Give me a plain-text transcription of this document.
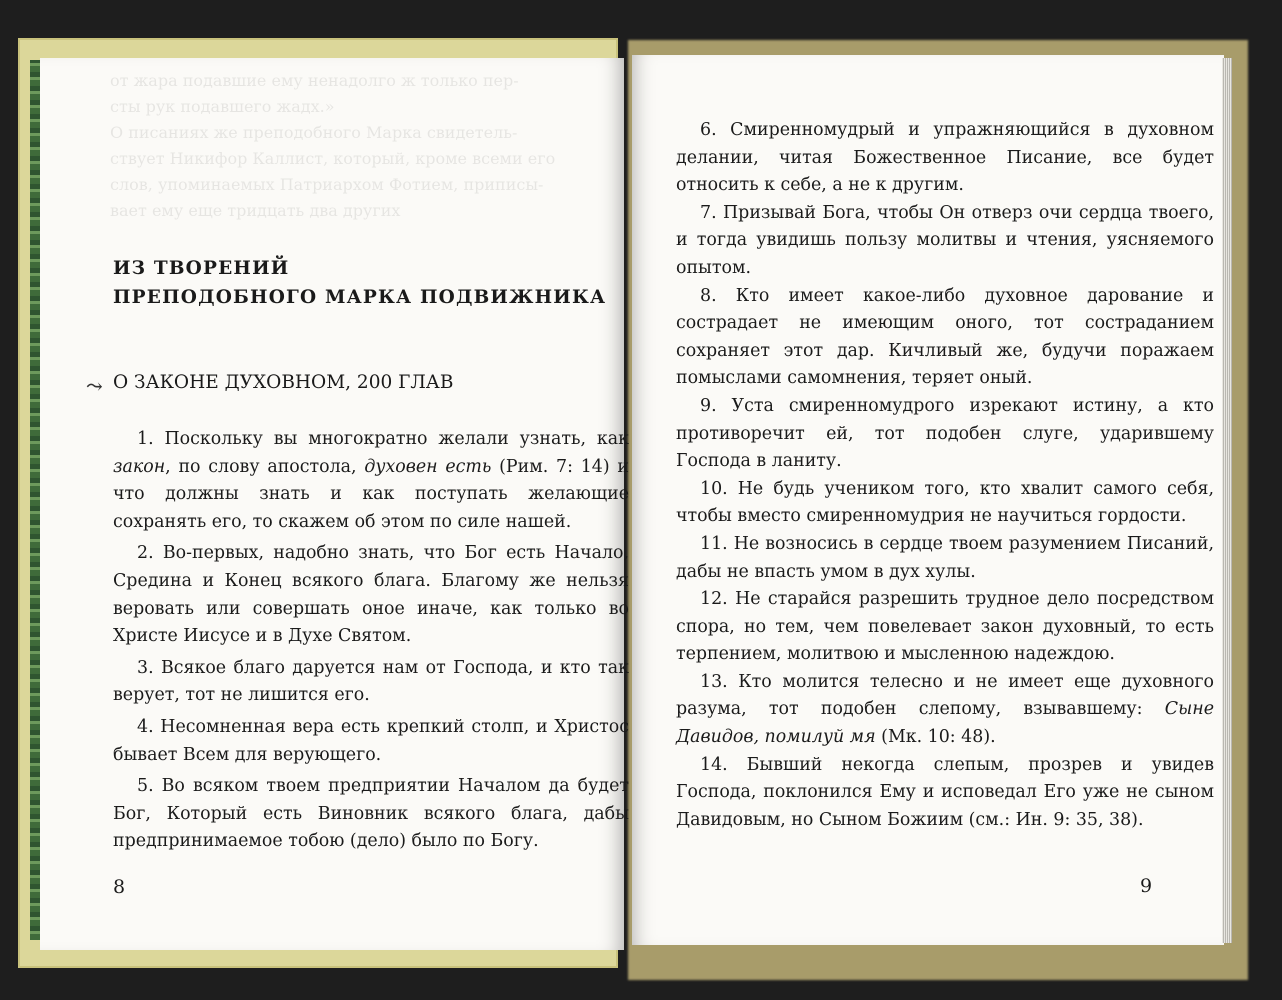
от жара подавшие ему ненадолго ж только пер-

сты рук подавшего жадх.»

О писаниях же преподобного Марка свидетель-

ствует Никифор Каллист, который, кроме всеми его

слов, упоминаемых Патриархом Фотием, приписы-

вает ему еще тридцать два других

ИЗ ТВОРЕНИЙ
ПРЕПОДОБНОГО МАРКА ПОДВИЖНИКА
⤳ О ЗАКОНЕ ДУХОВНОМ, 200 ГЛАВ

1. Поскольку вы многократно желали узнать, как закон, по слову апостола, духовен есть (Рим. 7: 14) и что должны знать и как поступать желающие сохранять его, то скажем об этом по силе нашей.

2. Во-первых, надобно знать, что Бог есть Начало, Средина и Конец всякого блага. Благому же нельзя веровать или совершать оное иначе, как только во Христе Иисусе и в Духе Святом.

3. Всякое благо даруется нам от Господа, и кто так верует, тот не лишится его.

4. Несомненная вера есть крепкий столп, и Христос бывает Всем для верующего.

5. Во всяком твоем предприятии Началом да будет Бог, Который есть Виновник всякого блага, дабы предпринимаемое тобою (дело) было по Богу.

8

6. Смиренномудрый и упражняющийся в духовном делании, читая Божественное Писание, все будет относить к себе, а не к другим.

7. Призывай Бога, чтобы Он отверз очи сердца твоего, и тогда увидишь пользу молитвы и чтения, уясняемого опытом.

8. Кто имеет какое-либо духовное дарование и сострадает не имеющим оного, тот состраданием сохраняет этот дар. Кичливый же, будучи поражаем помыслами самомнения, теряет оный.

9. Уста смиренномудрого изрекают истину, а кто противоречит ей, тот подобен слуге, ударившему Господа в ланиту.

10. Не будь учеником того, кто хвалит самого себя, чтобы вместо смиренномудрия не научиться гордости.

11. Не возносись в сердце твоем разумением Писаний, дабы не впасть умом в дух хулы.

12. Не старайся разрешить трудное дело посредством спора, но тем, чем повелевает закон духовный, то есть терпением, молитвою и мысленною надеждою.

13. Кто молится телесно и не имеет еще духовного разума, тот подобен слепому, взывавшему: Сыне Давидов, помилуй мя (Мк. 10: 48).

14. Бывший некогда слепым, прозрев и увидев Господа, поклонился Ему и исповедал Его уже не сыном Давидовым, но Сыном Божиим (см.: Ин. 9: 35, 38).

9
